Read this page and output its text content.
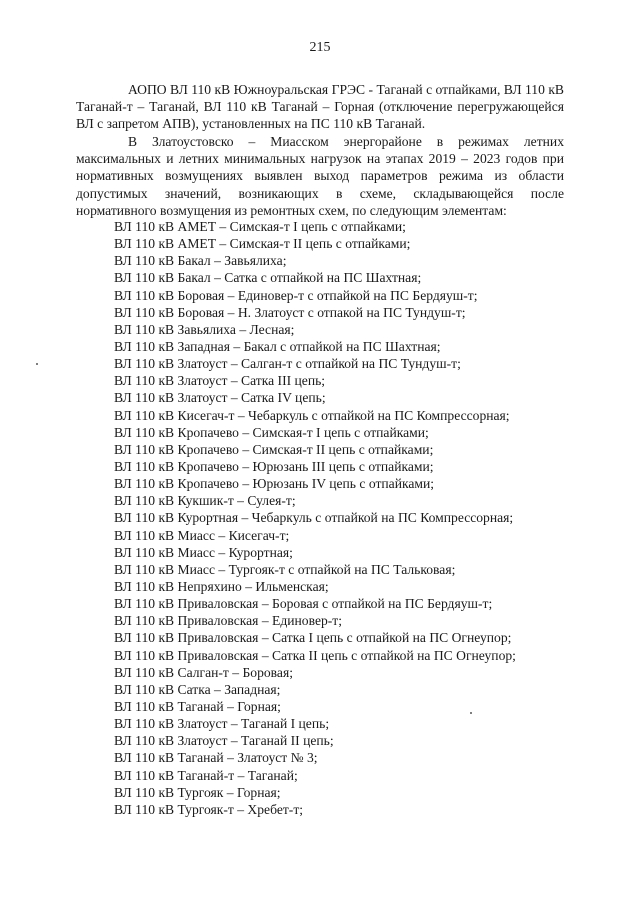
215

АОПО ВЛ 110 кВ Южноуральская ГРЭС - Таганай с отпайками, ВЛ 110 кВ Таганай-т – Таганай, ВЛ 110 кВ Таганай – Горная (отключение перегружающейся ВЛ с запретом АПВ), установленных на ПС 110 кВ Таганай.

В Златоустовско – Миасском энергорайоне в режимах летних максимальных и летних минимальных нагрузок на этапах 2019 – 2023 годов при нормативных возмущениях выявлен выход параметров режима из области допустимых значений, возникающих в схеме, складывающейся после нормативного возмущения из ремонтных схем, по следующим элементам:

ВЛ 110 кВ АМЕТ – Симская-т I цепь с отпайками;
ВЛ 110 кВ АМЕТ – Симская-т II цепь с отпайками;
ВЛ 110 кВ Бакал – Завьялиха;
ВЛ 110 кВ Бакал – Сатка с отпайкой на ПС Шахтная;
ВЛ 110 кВ Боровая – Единовер-т с отпайкой на ПС Бердяуш-т;
ВЛ 110 кВ Боровая – Н. Златоуст с отпакой на ПС Тундуш-т;
ВЛ 110 кВ Завьялиха – Лесная;
ВЛ 110 кВ Западная – Бакал с отпайкой на ПС Шахтная;
ВЛ 110 кВ Златоуст – Салган-т с отпайкой на ПС Тундуш-т;
ВЛ 110 кВ Златоуст – Сатка III цепь;
ВЛ 110 кВ Златоуст – Сатка IV цепь;
ВЛ 110 кВ Кисегач-т – Чебаркуль с отпайкой на ПС Компрессорная;
ВЛ 110 кВ Кропачево – Симская-т I цепь с отпайками;
ВЛ 110 кВ Кропачево – Симская-т II цепь с отпайками;
ВЛ 110 кВ Кропачево – Юрюзань III цепь с отпайками;
ВЛ 110 кВ Кропачево – Юрюзань IV цепь с отпайками;
ВЛ 110 кВ Кукшик-т – Сулея-т;
ВЛ 110 кВ Курортная – Чебаркуль с отпайкой на ПС Компрессорная;
ВЛ 110 кВ Миасс – Кисегач-т;
ВЛ 110 кВ Миасс – Курортная;
ВЛ 110 кВ Миасс – Тургояк-т с отпайкой на ПС Тальковая;
ВЛ 110 кВ Непряхино – Ильменская;
ВЛ 110 кВ Приваловская – Боровая с отпайкой на ПС Бердяуш-т;
ВЛ 110 кВ Приваловская – Единовер-т;
ВЛ 110 кВ Приваловская – Сатка I цепь с отпайкой на ПС Огнеупор;
ВЛ 110 кВ Приваловская – Сатка II цепь с отпайкой на ПС Огнеупор;
ВЛ 110 кВ Салган-т – Боровая;
ВЛ 110 кВ Сатка – Западная;
ВЛ 110 кВ Таганай – Горная;
ВЛ 110 кВ Златоуст – Таганай I цепь;
ВЛ 110 кВ Златоуст – Таганай II цепь;
ВЛ 110 кВ Таганай – Златоуст № 3;
ВЛ 110 кВ Таганай-т – Таганай;
ВЛ 110 кВ Тургояк – Горная;
ВЛ 110 кВ Тургояк-т – Хребет-т;
